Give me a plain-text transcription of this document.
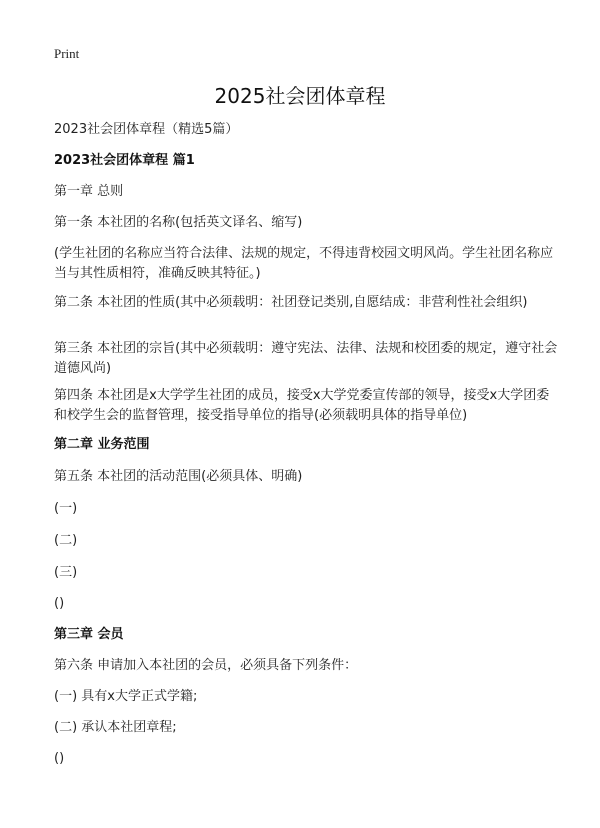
Print
2025社会团体章程

2023社会团体章程（精选5篇）

2023社会团体章程 篇1

第一章 总则

第一条 本社团的名称(包括英文译名、缩写)

(学生社团的名称应当符合法律、法规的规定，不得违背校园文明风尚。学生社团名称应当与其性质相符，准确反映其特征。)

第二条 本社团的性质(其中必须载明：社团登记类别,自愿结成：非营利性社会组织)

第三条 本社团的宗旨(其中必须载明：遵守宪法、法律、法规和校团委的规定，遵守社会道德风尚)

第四条 本社团是x大学学生社团的成员，接受x大学党委宣传部的领导，接受x大学团委和校学生会的监督管理，接受指导单位的指导(必须载明具体的指导单位)

第二章 业务范围

第五条 本社团的活动范围(必须具体、明确)

(一)

(二)

(三)

()

第三章 会员

第六条 申请加入本社团的会员，必须具备下列条件：

(一) 具有x大学正式学籍;

(二) 承认本社团章程;

()
